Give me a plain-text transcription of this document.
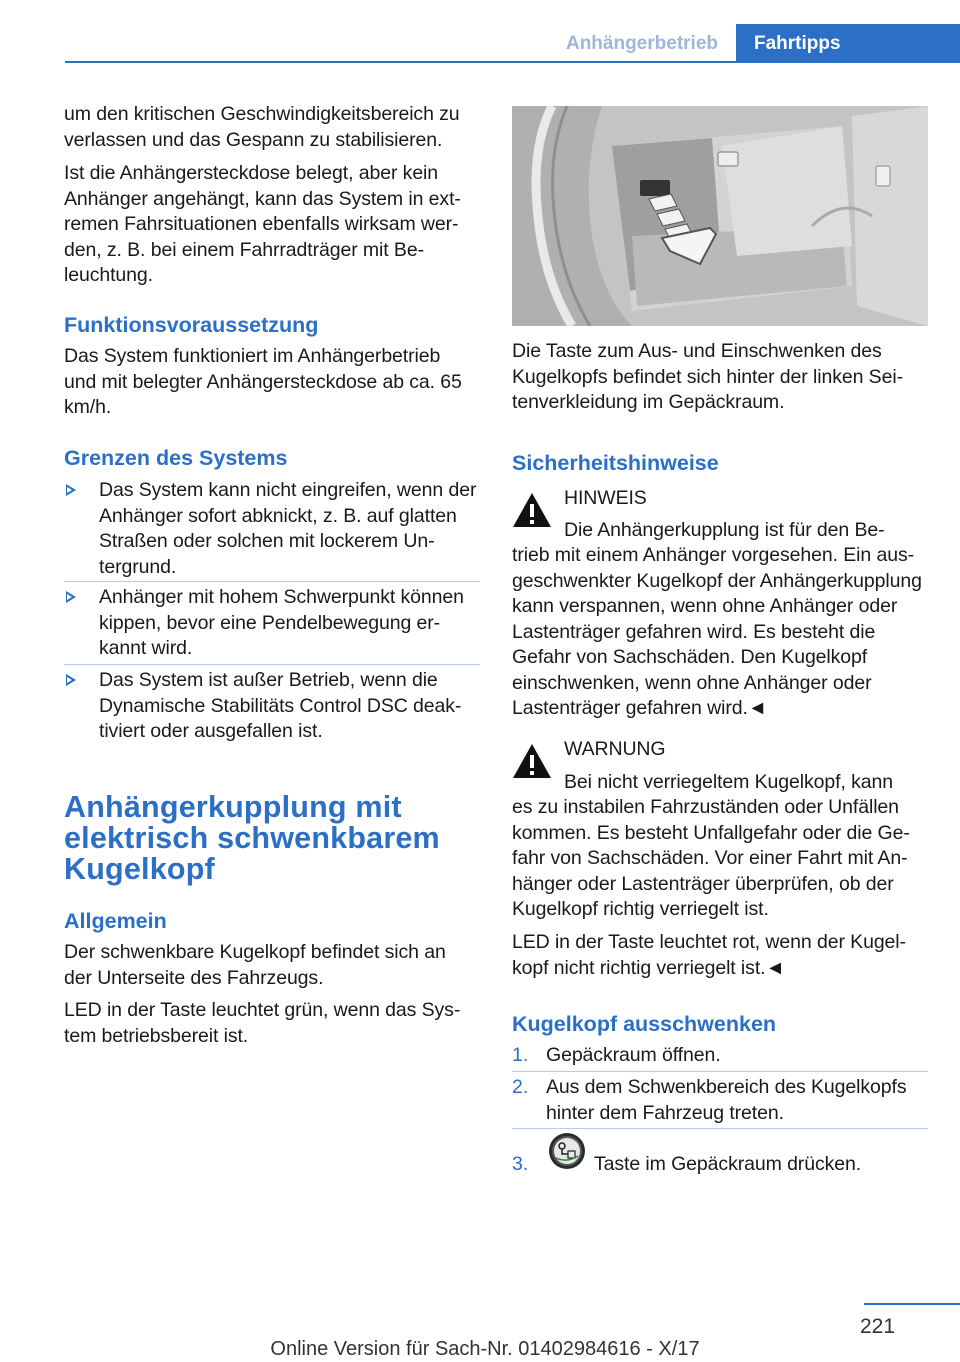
Anhängerbetrieb	Fahrtipps

um den kritischen Geschwindigkeitsbereich zu verlassen und das Gespann zu stabilisieren.

Ist die Anhängersteckdose belegt, aber kein Anhänger angehängt, kann das System in extremen Fahrsituationen ebenfalls wirksam werden, z. B. bei einem Fahrradträger mit Beleuchtung.

Funktionsvoraussetzung

Das System funktioniert im Anhängerbetrieb und mit belegter Anhängersteckdose ab ca. 65 km/h.

Grenzen des Systems

Das System kann nicht eingreifen, wenn der Anhänger sofort abknickt, z. B. auf glatten Straßen oder solchen mit lockerem Untergrund.

Anhänger mit hohem Schwerpunkt können kippen, bevor eine Pendelbewegung erkannt wird.

Das System ist außer Betrieb, wenn die Dynamische Stabilitäts Control DSC deaktiviert oder ausgefallen ist.

Anhängerkupplung mit
elektrisch schwenkbarem
Kugelkopf
Allgemein

Der schwenkbare Kugelkopf befindet sich an der Unterseite des Fahrzeugs.

LED in der Taste leuchtet grün, wenn das System betriebsbereit ist.

Die Taste zum Aus- und Einschwenken des Kugelkopfs befindet sich hinter der linken Seitenverkleidung im Gepäckraum.

Sicherheitshinweise

HINWEIS

Die Anhängerkupplung ist für den Be-

trieb mit einem Anhänger vorgesehen. Ein ausgeschwenkter Kugelkopf der Anhängerkupplung kann verspannen, wenn ohne Anhänger oder Lastenträger gefahren wird. Es besteht die Gefahr von Sachschäden. Den Kugelkopf einschwenken, wenn ohne Anhänger oder Lastenträger gefahren wird.◄

WARNUNG

Bei nicht verriegeltem Kugelkopf, kann

es zu instabilen Fahrzuständen oder Unfällen kommen. Es besteht Unfallgefahr oder die Gefahr von Sachschäden. Vor einer Fahrt mit Anhänger oder Lastenträger überprüfen, ob der Kugelkopf richtig verriegelt ist.

LED in der Taste leuchtet rot, wenn der Kugelkopf nicht richtig verriegelt ist.◄

Kugelkopf ausschwenken
1. Gepäckraum öffnen.

2. Aus dem Schwenkbereich des Kugelkopfs hinter dem Fahrzeug treten.

3.	Taste im Gepäckraum drücken.

221
Online Version für Sach-Nr. 01402984616 - X/17
